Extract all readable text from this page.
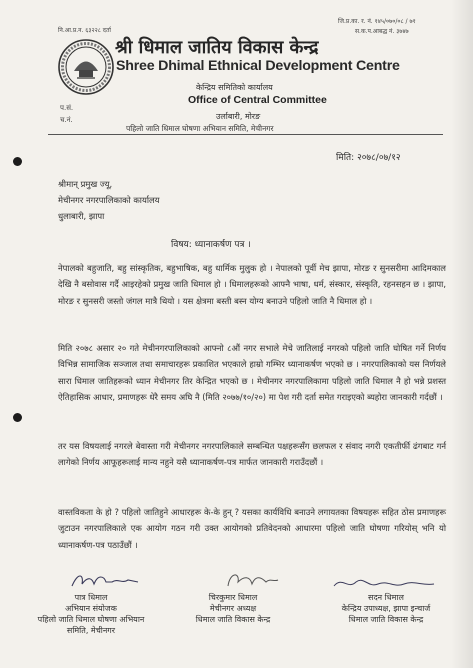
नि.आ.प्र.न. ६३२२८ दर्ता
जि.प्र.का. र. नं. १४५/०७०/०८ / ७१
स.क.प.आबद्ध नं. ३७४७
श्री धिमाल जातिय विकास केन्द्र
Shree Dhimal Ethnical Development Centre
केन्द्रिय समितिको कार्यालय
Office of Central Committee
उर्लाबारी, मोरङ
पहिलो जाति धिमाल घोषणा अभियान समिति, मेचीनगर
प.सं.
च.नं.
मिति: २०७८/०७/१२
श्रीमान् प्रमुख ज्यू,
मेचीनगर नगरपालिकाको कार्यालय
धुलाबारी, झापा
विषय: ध्यानाकर्षण पत्र ।
नेपालको बहुजाति, बहु सांस्कृतिक, बहुभाषिक, बहु धार्मिक मुलुक हो । नेपालको पूर्वी मेच झापा, मोरङ र सुनसरीमा आदिमकाल देखि नै बसोवास गर्दै आइरहेको प्रमुख जाति धिमाल हो । धिमालहरूको आफ्नै भाषा, धर्म, संस्कार, संस्कृति, रहनसहन छ । झापा, मोरङ र सुनसरी जस्तो जंगल मात्रै थियो । यस क्षेत्रमा बस्ती बस्न योग्य बनाउने पहिलो जाति नै धिमाल हो ।
मिति २०७८ असार २० गते मेचीनगरपालिकाको आफ्नो ८औं नगर सभाले मेचे जातिलाई नगरको पहिलो जाति घोषित गर्ने निर्णय विभिन्न सामाजिक सञ्जाल तथा समाचारहरू प्रकाशित भएकाले हाम्रो गम्भिर ध्यानाकर्षण भएको छ । नगरपालिकाको यस निर्णयले सारा धिमाल जातिहरूको ध्यान मेचीनगर तिर केन्द्रित भएको छ । मेचीनगर नगरपालिकामा पहिलो जाति धिमाल नै हो भन्ने प्रशस्त ऐतिहासिक आधार, प्रमाणहरू धेरै समय अघि नै (मिति २०७७/१०/२०) मा पेश गरी दर्ता समेत गराइएको ब्यहोरा जानकारी गर्दछौं ।
तर यस विषयलाई नगरले बेवास्ता गरी मेचीनगर नगरपालिकाले सम्बन्धित पक्षहरूसँग छलफल र संवाद नगरी एकतीर्फी ढंगबाट गर्न लागेको निर्णय आफूहरूलाई मान्य नहुने यसै ध्यानाकर्षण-पत्र मार्फत जानकारी गराउँदछौं ।
वास्तविकता के हो ? पहिलो जातिहुने आधारहरू के-के हुन् ? यसका कार्यविधि बनाउने लगायतका विषयहरू सहित ठोस प्रमाणहरू जुटाउन नगरपालिकाले एक आयोग गठन गरी उक्त आयोगको प्रतिवेदनको आधारमा पहिलो जाति घोषणा गरियोस् भनि यो ध्यानाकर्षण-पत्र पठाउँछौं ।
पात्र धिमाल
अभियान संयोजक
पहिलो जाति धिमाल घोषणा अभियान
समिति, मेचीनगर
चिरकुमार धिमाल
मेचीनगर अध्यक्ष
धिमाल जाति विकास केन्द्र
सदन धिमाल
केन्द्रिय उपाध्यक्ष, झापा इन्चार्ज
धिमाल जाति विकास केन्द्र
